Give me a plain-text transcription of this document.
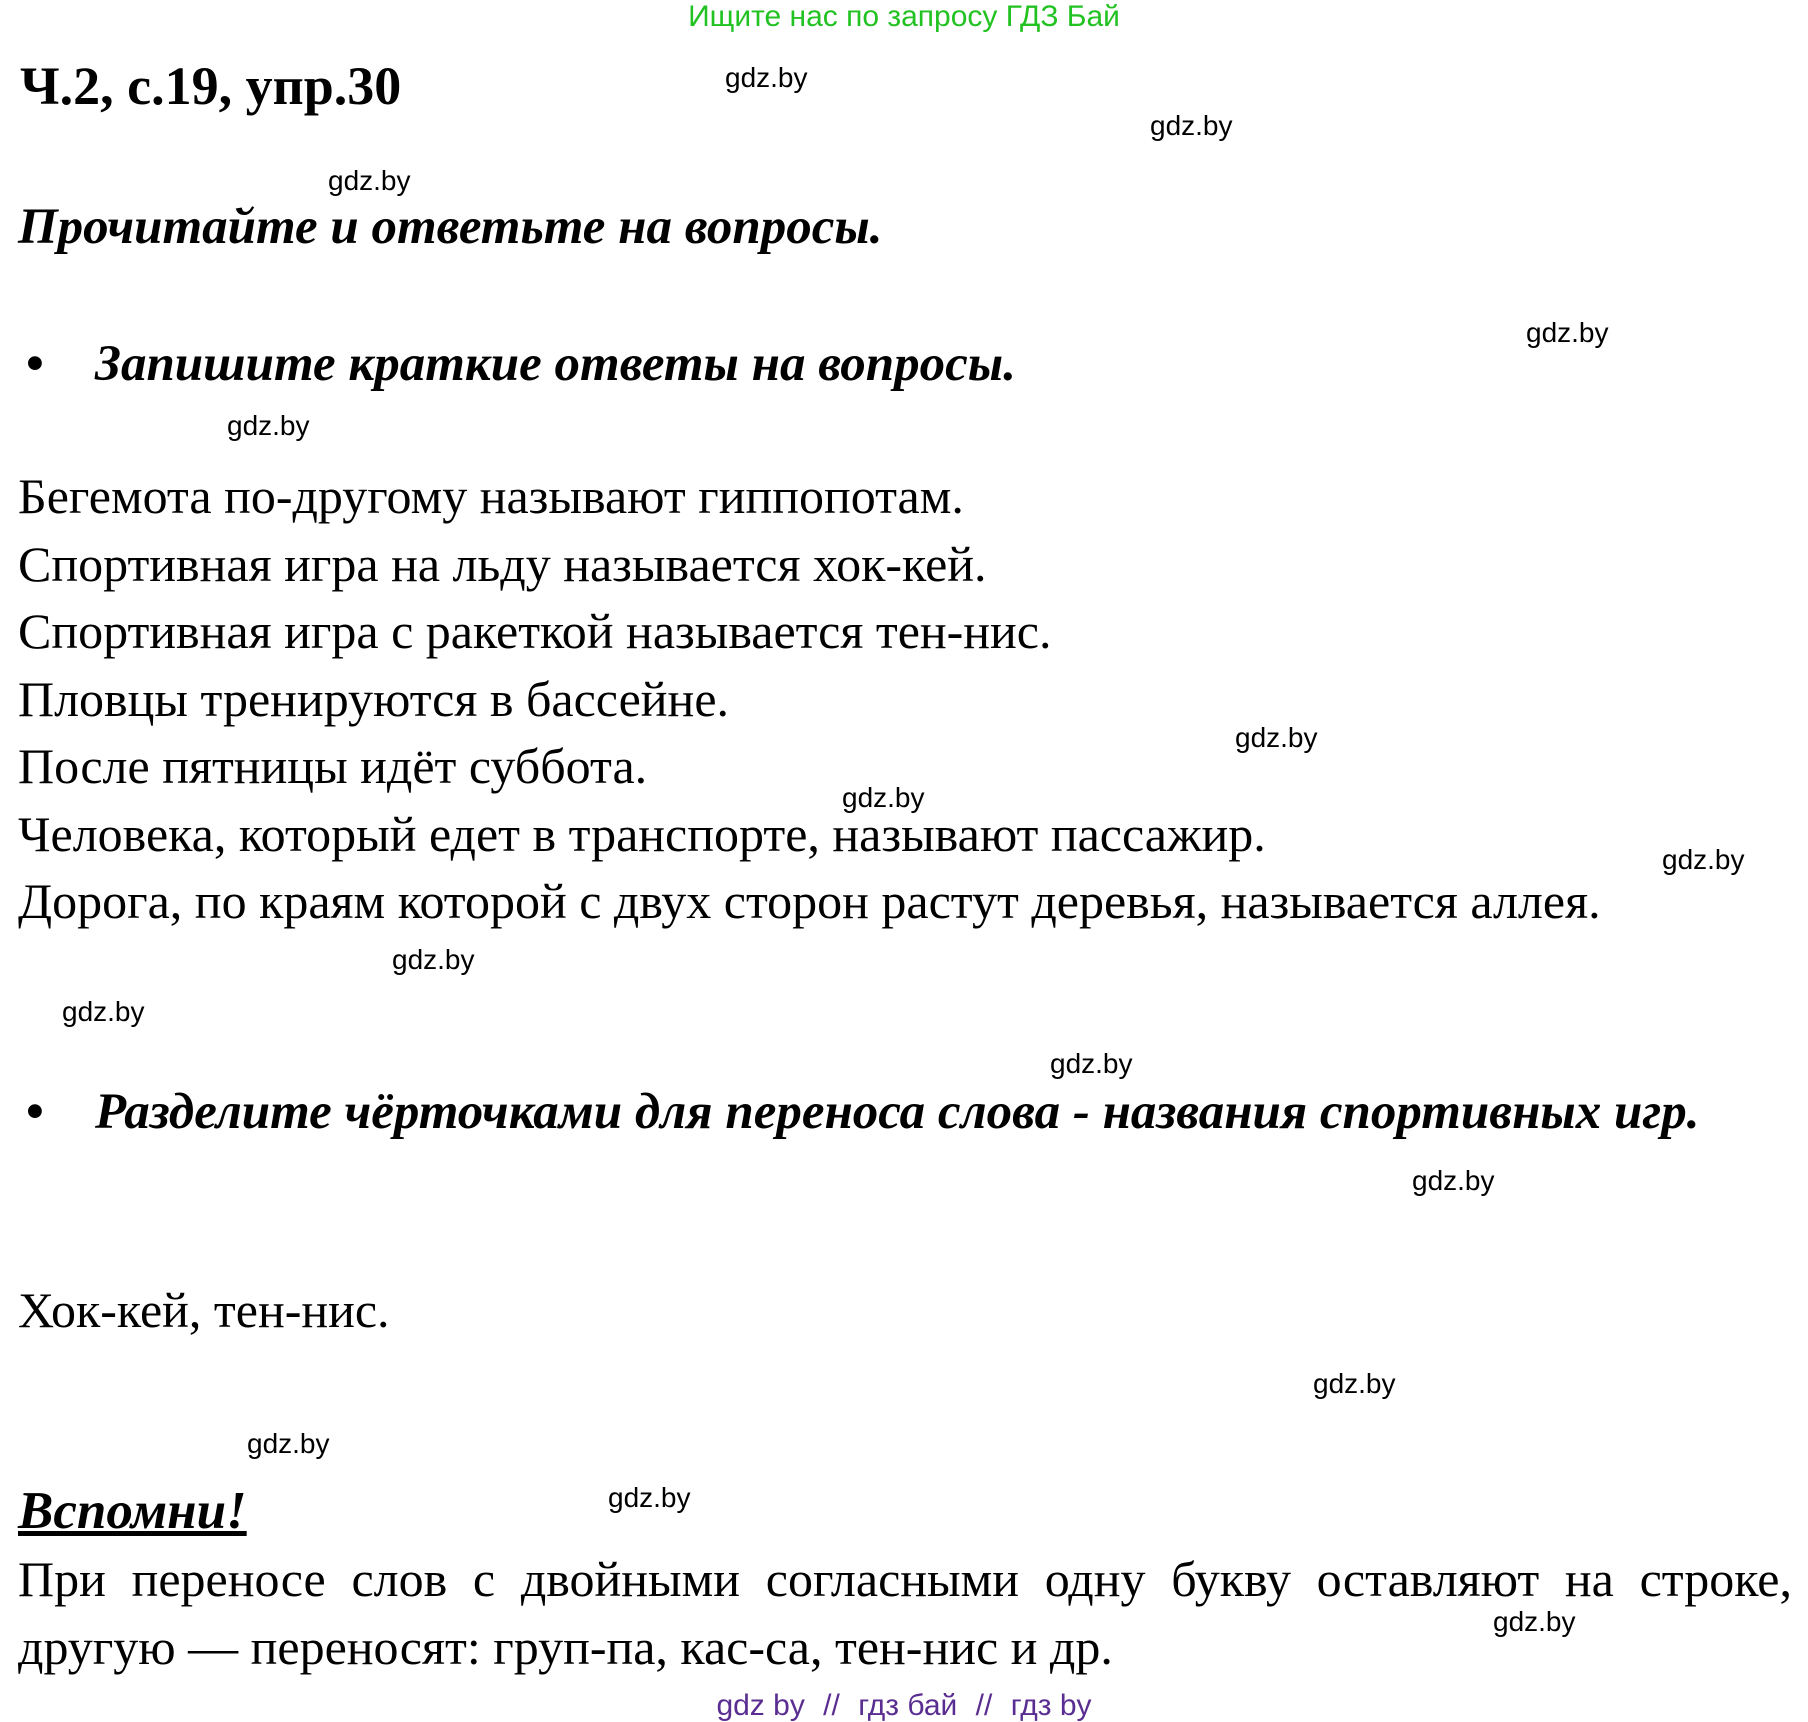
Ищите нас по запросу ГДЗ Бай
Ч.2, с.19, упр.30
Прочитайте и ответьте на вопросы.
• Запишите краткие ответы на вопросы.
Бегемота по-другому называют гиппопотам.
Спортивная игра на льду называется хок-кей.
Спортивная игра с ракеткой называется тен-нис.
Пловцы тренируются в бассейне.
После пятницы идёт суббота.
Человека, который едет в транспорте, называют пассажир.
Дорога, по краям которой с двух сторон растут деревья, называется аллея.
• Разделите чёрточками для переноса слова - названия спортивных игр.
Хок-кей, тен-нис.
Вспомни!
При переносе слов с двойными согласными одну букву оставляют на строке, другую — переносят: груп-па, кас-са, тен-нис и др.
gdz.by
gdz.by
gdz.by
gdz.by
gdz.by
gdz.by
gdz.by
gdz.by
gdz.by
gdz.by
gdz.by
gdz.by
gdz.by
gdz.by
gdz.by
gdz.by
gdz by // гдз бай // гдз by
